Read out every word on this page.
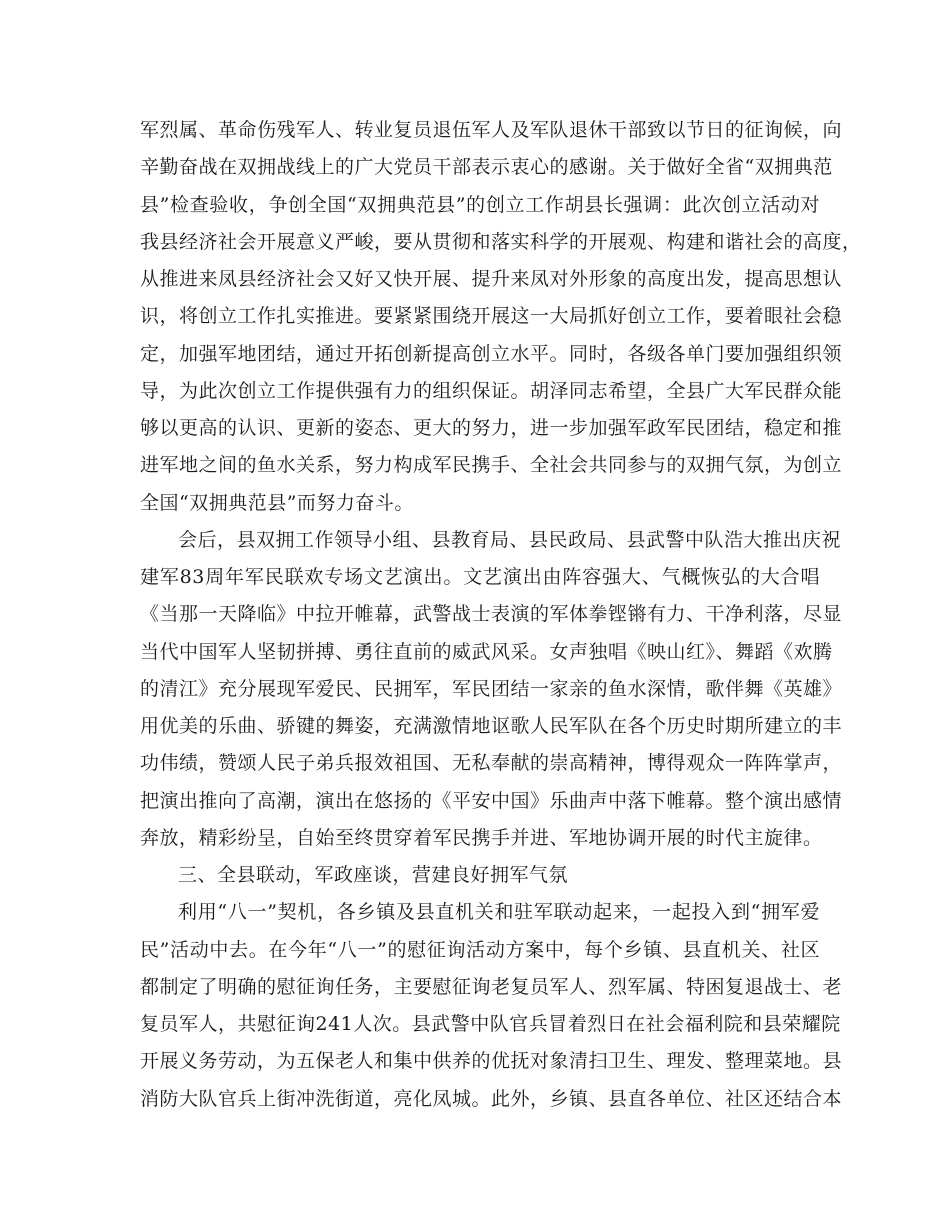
军烈属、革命伤残军人、转业复员退伍军人及军队退休干部致以节日的征询候，向
辛勤奋战在双拥战线上的广大党员干部表示衷心的感谢。关于做好全省“双拥典范
县”检查验收，争创全国“双拥典范县”的创立工作胡县长强调：此次创立活动对
我县经济社会开展意义严峻，要从贯彻和落实科学的开展观、构建和谐社会的高度，
从推进来凤县经济社会又好又快开展、提升来凤对外形象的高度出发，提高思想认
识，将创立工作扎实推进。要紧紧围绕开展这一大局抓好创立工作，要着眼社会稳
定，加强军地团结，通过开拓创新提高创立水平。同时，各级各单门要加强组织领
导，为此次创立工作提供强有力的组织保证。胡泽同志希望，全县广大军民群众能
够以更高的认识、更新的姿态、更大的努力，进一步加强军政军民团结，稳定和推
进军地之间的鱼水关系，努力构成军民携手、全社会共同参与的双拥气氛，为创立
全国“双拥典范县”而努力奋斗。
会后，县双拥工作领导小组、县教育局、县民政局、县武警中队浩大推出庆祝
建军83周年军民联欢专场文艺演出。文艺演出由阵容强大、气概恢弘的大合唱
《当那一天降临》中拉开帷幕，武警战士表演的军体拳铿锵有力、干净利落，尽显
当代中国军人坚韧拼搏、勇往直前的威武风采。女声独唱《映山红》、舞蹈《欢腾
的清江》充分展现军爱民、民拥军，军民团结一家亲的鱼水深情，歌伴舞《英雄》
用优美的乐曲、骄键的舞姿，充满激情地讴歌人民军队在各个历史时期所建立的丰
功伟绩，赞颂人民子弟兵报效祖国、无私奉献的崇高精神，博得观众一阵阵掌声，
把演出推向了高潮，演出在悠扬的《平安中国》乐曲声中落下帷幕。整个演出感情
奔放，精彩纷呈，自始至终贯穿着军民携手并进、军地协调开展的时代主旋律。
三、全县联动，军政座谈，营建良好拥军气氛
利用“八一”契机，各乡镇及县直机关和驻军联动起来，一起投入到“拥军爱
民”活动中去。在今年“八一”的慰征询活动方案中，每个乡镇、县直机关、社区
都制定了明确的慰征询任务，主要慰征询老复员军人、烈军属、特困复退战士、老
复员军人，共慰征询241人次。县武警中队官兵冒着烈日在社会福利院和县荣耀院
开展义务劳动，为五保老人和集中供养的优抚对象清扫卫生、理发、整理菜地。县
消防大队官兵上街冲洗街道，亮化凤城。此外，乡镇、县直各单位、社区还结合本
